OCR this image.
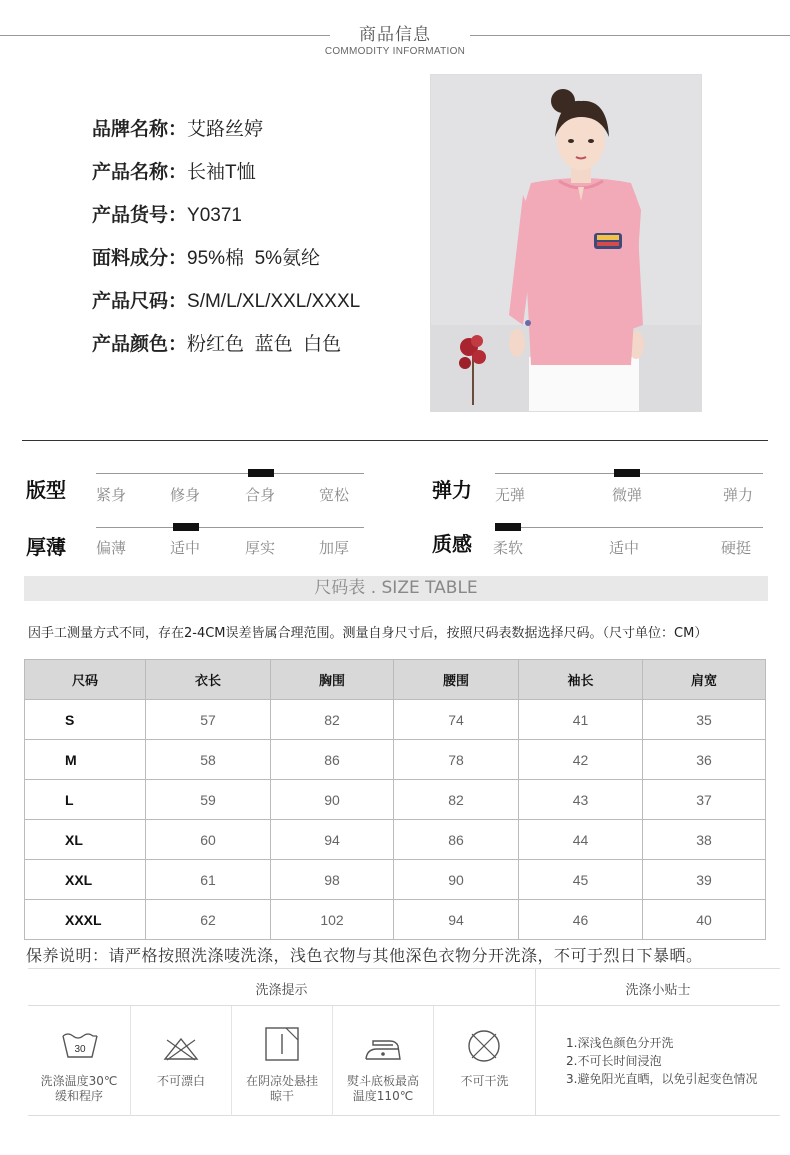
商品信息
COMMODITY INFORMATION
品牌名称：艾路丝婷
产品名称：长袖T恤
产品货号：Y0371
面料成分：95%棉  5%氨纶
产品尺码：S/M/L/XL/XXL/XXXL
产品颜色：粉红色  蓝色  白色
版型 紧身	修身	合身	宽松	弹力 无弹	微弹	弹力
厚薄 偏薄	适中	厚实	加厚	质感 柔软	适中	硬挺
尺码表 . SIZE TABLE
因手工测量方式不同，存在2-4CM误差皆属合理范围。测量自身尺寸后，按照尺码表数据选择尺码。（尺寸单位：CM）
尺码	衣长	胸围	腰围	袖长	肩宽
S	57	82	74	41	35
M	58	86	78	42	36
L	59	90	82	43	37
XL	60	94	86	44	38
XXL	61	98	90	45	39
XXXL	62	102	94	46	40
保养说明：请严格按照洗涤唛洗涤，浅色衣物与其他深色衣物分开洗涤，不可于烈日下暴晒。
洗涤提示	洗涤小贴士
30
洗涤温度30℃
缓和程序
不可漂白	在阴凉处悬挂
晾干
熨斗底板最高
温度110℃
不可干洗
1.深浅色颜色分开洗
2.不可长时间浸泡
3.避免阳光直晒，以免引起变色情况
